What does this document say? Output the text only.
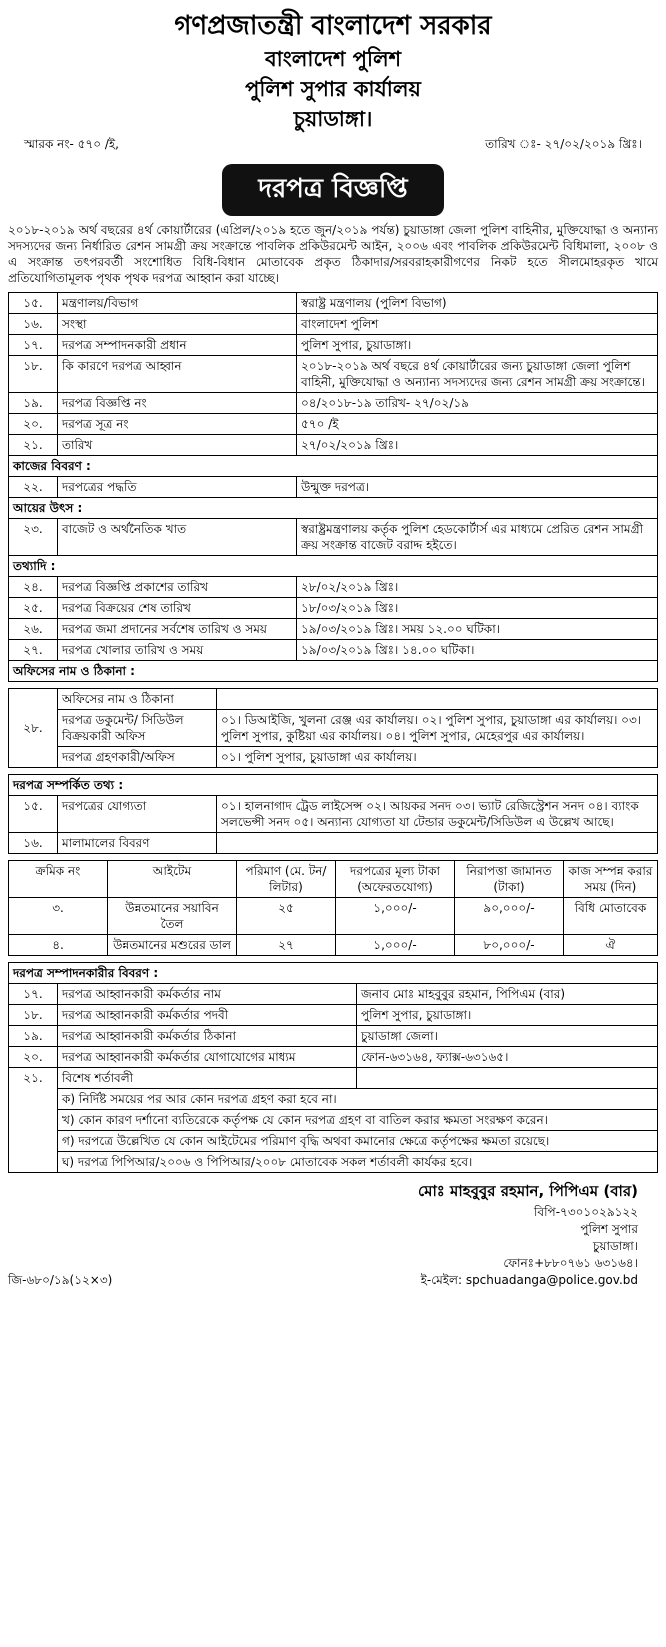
গণপ্রজাতন্ত্রী বাংলাদেশ সরকার
বাংলাদেশ পুলিশ
পুলিশ সুপার কার্যালয়
চুয়াডাঙ্গা।
স্মারক নং- ৫৭০ /ই,	তারিখ ঃ- ২৭/০২/২০১৯ খ্রিঃ।
দরপত্র বিজ্ঞপ্তি

২০১৮-২০১৯ অর্থ বছরের ৪র্থ কোয়ার্টারের (এপ্রিল/২০১৯ হতে জুন/২০১৯ পর্যন্ত) চুয়াডাঙ্গা জেলা পুলিশ বাহিনীর, মুক্তিযোদ্ধা ও অন্যান্য সদস্যদের জন্য নির্ধারিত রেশন সামগ্রী ক্রয় সংক্রান্তে পাবলিক প্রকিউরমেন্ট আইন, ২০০৬ এবং পাবলিক প্রকিউরমেন্ট বিধিমালা, ২০০৮ ও এ সংক্রান্ত তৎপরবর্তী সংশোধিত বিধি-বিধান মোতাবেক প্রকৃত ঠিকাদার/সরবরাহকারীগণের নিকট হতে সীলমোহরকৃত খামে প্রতিযোগিতামূলক পৃথক পৃথক দরপত্র আহ্বান করা যাচ্ছে।

১৫.	মন্ত্রণালয়/বিভাগ	স্বরাষ্ট্র মন্ত্রণালয় (পুলিশ বিভাগ)
১৬.	সংস্থা	বাংলাদেশ পুলিশ
১৭.	দরপত্র সম্পাদনকারী প্রধান	পুলিশ সুপার, চুয়াডাঙ্গা।
১৮.	কি কারণে দরপত্র আহ্বান	২০১৮-২০১৯ অর্থ বছরে ৪র্থ কোয়ার্টারের জন্য চুয়াডাঙ্গা জেলা পুলিশ বাহিনী, মুক্তিযোদ্ধা ও অন্যান্য সদস্যদের জন্য রেশন সামগ্রী ক্রয় সংক্রান্তে।
১৯.	দরপত্র বিজ্ঞপ্তি নং	০৪/২০১৮-১৯ তারিখ- ২৭/০২/১৯
২০.	দরপত্র সূত্র নং	৫৭০ /ই
২১.	তারিখ	২৭/০২/২০১৯ খ্রিঃ।
কাজের বিবরণ :		
২২.	দরপত্রের পদ্ধতি	উন্মুক্ত দরপত্র।
আয়ের উৎস :		
২৩.	বাজেট ও অর্থনৈতিক খাত	স্বরাষ্ট্রমন্ত্রণালয় কর্তৃক পুলিশ হেডকোর্টার্স এর মাধ্যমে প্রেরিত রেশন সামগ্রী ক্রয় সংক্রান্ত বাজেট বরাদ্দ হইতে।
তথ্যাদি :		
২৪.	দরপত্র বিজ্ঞপ্তি প্রকাশের তারিখ	২৮/০২/২০১৯ খ্রিঃ।
২৫.	দরপত্র বিক্রয়ের শেষ তারিখ	১৮/০৩/২০১৯ খ্রিঃ।
২৬.	দরপত্র জমা প্রদানের সর্বশেষ তারিখ ও সময়	১৯/০৩/২০১৯ খ্রিঃ। সময় ১২.০০ ঘটিকা।
২৭.	দরপত্র খোলার তারিখ ও সময়	১৯/০৩/২০১৯ খ্রিঃ। ১৪.০০ ঘটিকা।
অফিসের নাম ও ঠিকানা :		
২৮.	অফিসের নাম ও ঠিকানা	
	দরপত্র ডকুমেন্ট/ সিডিউল বিক্রয়কারী অফিস	০১। ডিআইজি, খুলনা রেঞ্জ এর কার্যালয়। ০২। পুলিশ সুপার, চুয়াডাঙ্গা এর কার্যালয়। ০৩। পুলিশ সুপার, কুষ্টিয়া এর কার্যালয়। ০৪। পুলিশ সুপার, মেহেরপুর এর কার্যালয়।
	দরপত্র গ্রহণকারী/অফিস	০১। পুলিশ সুপার, চুয়াডাঙ্গা এর কার্যালয়।
দরপত্র সম্পর্কিত তথ্য :		
১৫.	দরপত্রের যোগ্যতা	০১। হালনাগাদ ট্রেড লাইসেন্স ০২। আয়কর সনদ ০৩। ভ্যাট রেজিস্ট্রেশন সনদ ০৪। ব্যাংক সলভেন্সী সনদ ০৫। অন্যান্য যোগ্যতা যা টেন্ডার ডকুমেন্ট/সিডিউল এ উল্লেখ আছে।
১৬.	মালামালের বিবরণ	
ক্রমিক নং	আইটেম	পরিমাণ (মে. টন/লিটার)	দরপত্রের মূল্য টাকা (অফেরতযোগ্য)	নিরাপত্তা জামানত (টাকা)	কাজ সম্পন্ন করার সময় (দিন)
৩.	উন্নতমানের সয়াবিন তৈল	২৫	১,০০০/-	৯০,০০০/-	বিধি মোতাবেক
৪.	উন্নতমানের মশুরের ডাল	২৭	১,০০০/-	৮০,০০০/-	ঐ
দরপত্র সম্পাদনকারীর বিবরণ :		
১৭.	দরপত্র আহ্বানকারী কর্মকর্তার নাম	জনাব মোঃ মাহবুবুর রহমান, পিপিএম (বার)
১৮.	দরপত্র আহ্বানকারী কর্মকর্তার পদবী	পুলিশ সুপার, চুয়াডাঙ্গা।
১৯.	দরপত্র আহ্বানকারী কর্মকর্তার ঠিকানা	চুয়াডাঙ্গা জেলা।
২০.	দরপত্র আহ্বানকারী কর্মকর্তার যোগাযোগের মাধ্যম	ফোন-৬৩১৬৪, ফ্যাক্স-৬৩১৬৫।
২১.	বিশেষ শর্তাবলী	
	ক) নির্দিষ্ট সময়ের পর আর কোন দরপত্র গ্রহণ করা হবে না।	
	খ) কোন কারণ দর্শানো ব্যতিরেকে কর্তৃপক্ষ যে কোন দরপত্র গ্রহণ বা বাতিল করার ক্ষমতা সংরক্ষণ করেন।	
	গ) দরপত্রে উল্লেখিত যে কোন আইটেমের পরিমাণ বৃদ্ধি অথবা কমানোর ক্ষেত্রে কর্তৃপক্ষের ক্ষমতা রয়েছে।	
	ঘ) দরপত্র পিপিআর/২০০৬ ও পিপিআর/২০০৮ মোতাবেক সকল শর্তাবলী কার্যকর হবে।	
মোঃ মাহবুবুর রহমান, পিপিএম (বার)
বিপি-৭৩০১০২৯১২২
পুলিশ সুপার
চুয়াডাঙ্গা।
ফোনঃ+৮৮০৭৬১ ৬৩১৬৪।
জি-৬৮০/১৯(১২×৩)	ই-মেইল: spchuadanga@police.gov.bd
